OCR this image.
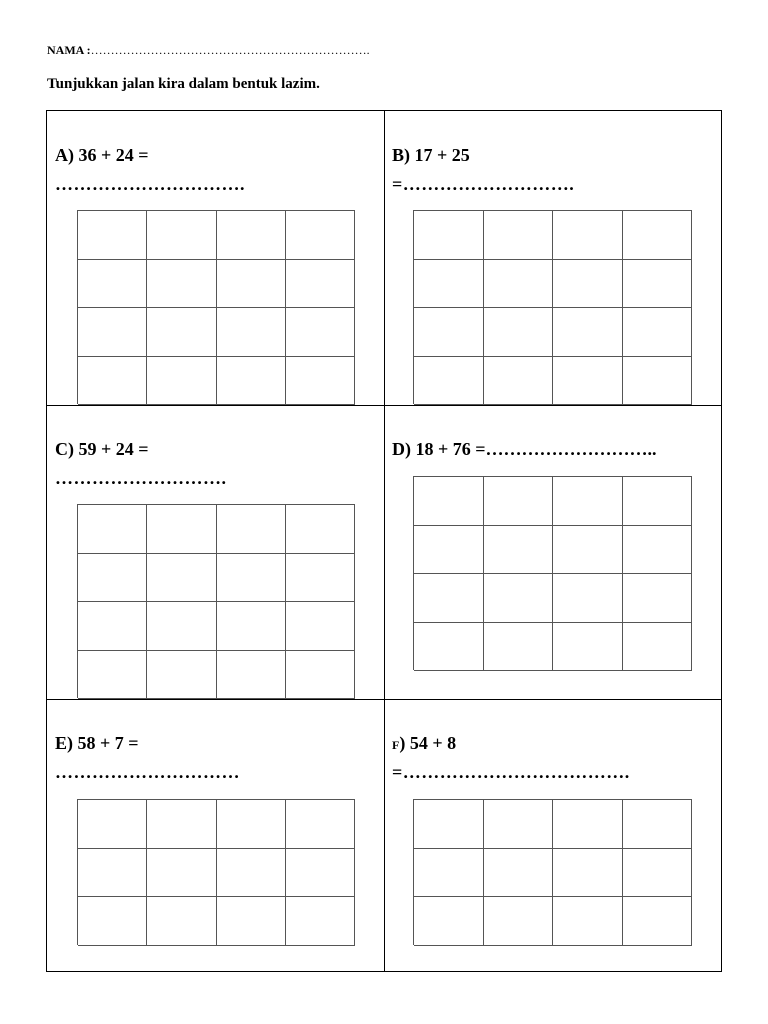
NAMA :…………………………………………………………….
Tunjukkan jalan kira dalam bentuk lazim.
A) 36 + 24 =
………………………….
B) 17 + 25
=……………………….
C) 59 + 24 =
……………………….
D) 18 + 76 =………………………..
E) 58 + 7 =
…………………………
F) 54 + 8
=……………………………….
